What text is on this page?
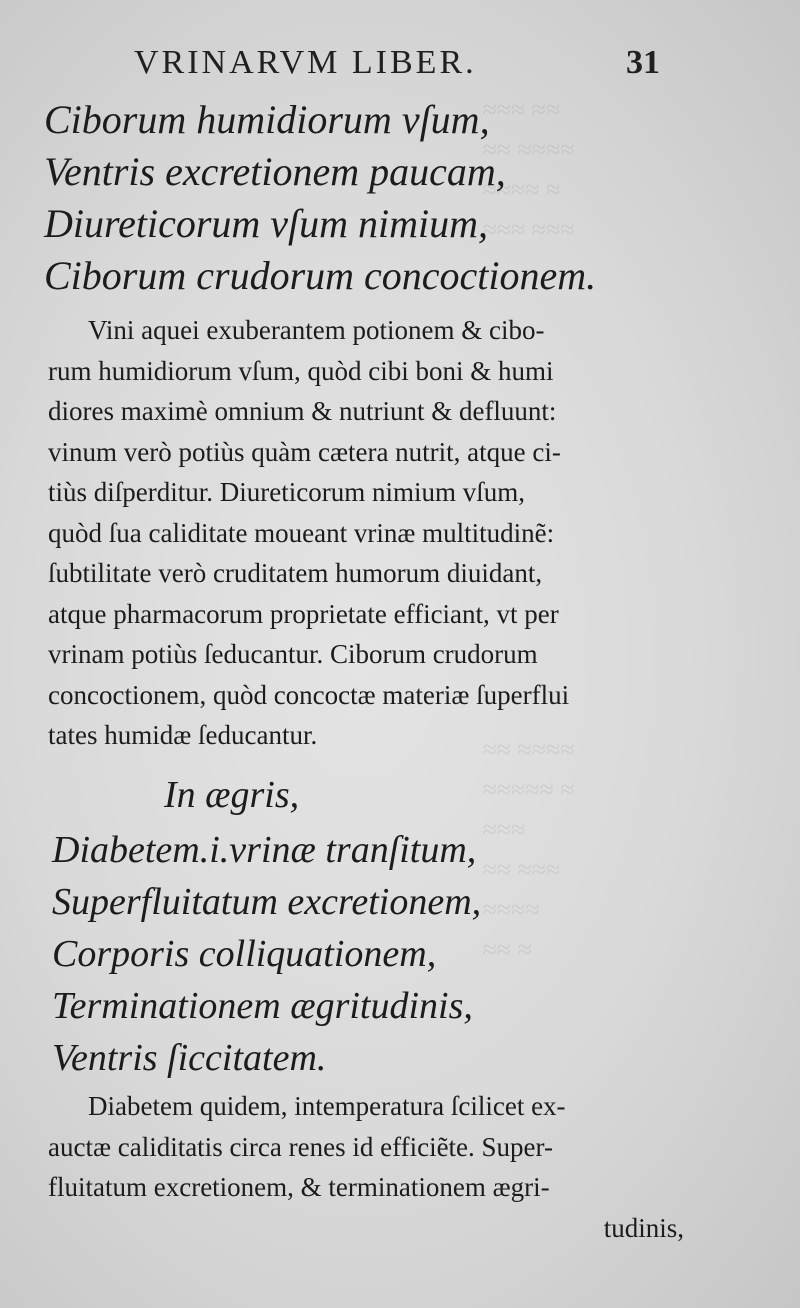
≈≈≈ ≈≈
≈≈ ≈≈≈≈
≈≈≈≈ ≈
≈≈≈ ≈≈≈

≈≈ ≈≈≈≈
≈≈≈≈≈ ≈
≈≈≈
≈≈ ≈≈≈
≈≈≈≈
≈≈ ≈
VRINARVM LIBER.	31
Ciborum humidiorum vſum,
Ventris excretionem paucam,
Diureticorum vſum nimium,
Ciborum crudorum concoctionem.
Vini aquei exuberantem potionem & cibo-
rum humidiorum vſum, quòd cibi boni & humi
diores maximè omnium & nutriunt & defluunt:
vinum verò potiùs quàm cætera nutrit, atque ci-
tiùs diſperditur. Diureticorum nimium vſum,
quòd ſua caliditate moueant vrinæ multitudinẽ:
ſubtilitate verò cruditatem humorum diuidant,
atque pharmacorum proprietate efficiant, vt per
vrinam potiùs ſeducantur. Ciborum crudorum
concoctionem, quòd concoctæ materiæ ſuperflui
tates humidæ ſeducantur.
In ægris,
Diabetem.i.vrinæ tranſitum,
Superfluitatum excretionem,
Corporis colliquationem,
Terminationem ægritudinis,
Ventris ſiccitatem.
Diabetem quidem, intemperatura ſcilicet ex-
auctæ caliditatis circa renes id efficiẽte. Super-
fluitatum excretionem, & terminationem ægri-
tudinis,
